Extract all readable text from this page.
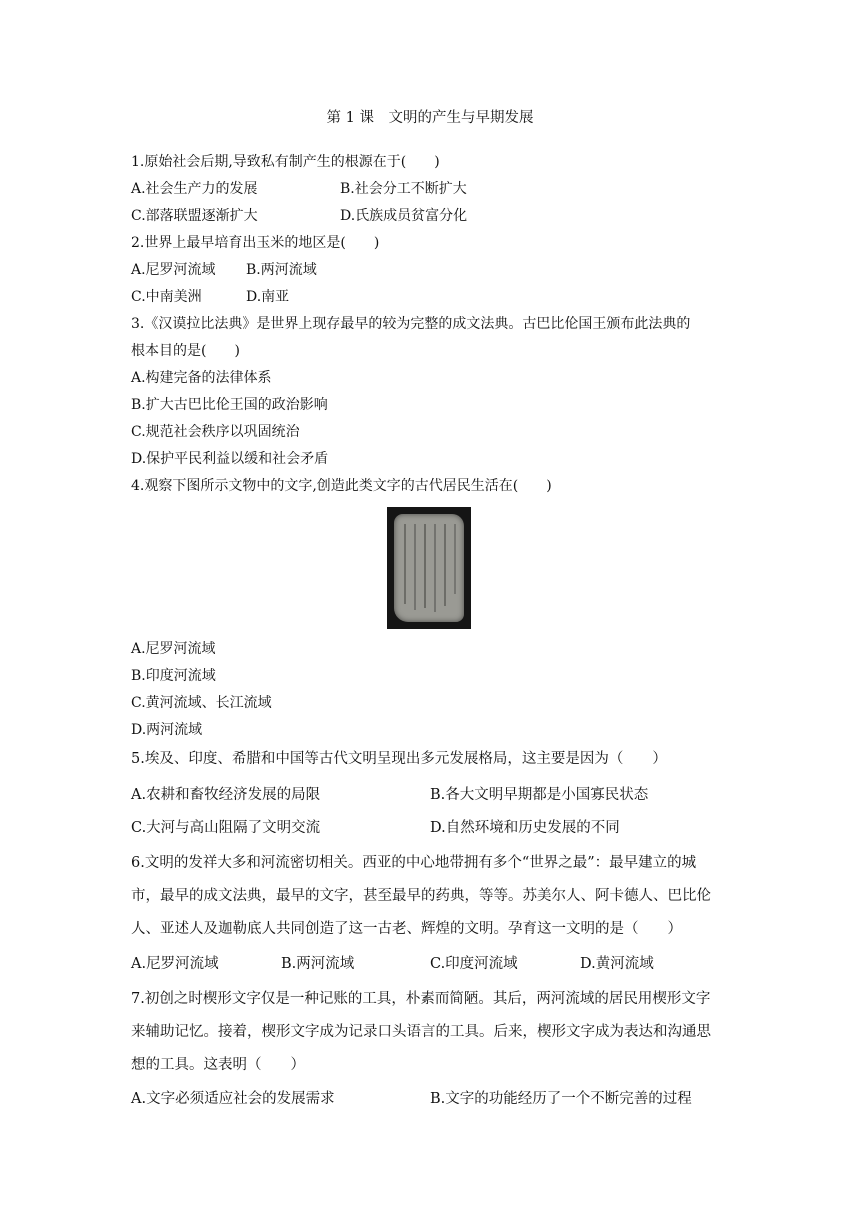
第 1 课　文明的产生与早期发展
1.原始社会后期,导致私有制产生的根源在于(　　)
A.社会生产力的发展	B.社会分工不断扩大
C.部落联盟逐渐扩大	D.氏族成员贫富分化
2.世界上最早培育出玉米的地区是(　　)
A.尼罗河流域 B.两河流域
C.中南美洲	D.南亚
3.《汉谟拉比法典》是世界上现存最早的较为完整的成文法典。古巴比伦国王颁布此法典的
根本目的是(　　)
A.构建完备的法律体系
B.扩大古巴比伦王国的政治影响
C.规范社会秩序以巩固统治
D.保护平民利益以缓和社会矛盾
4.观察下图所示文物中的文字,创造此类文字的古代居民生活在(　　)
A.尼罗河流域
B.印度河流域
C.黄河流域、长江流域
D.两河流域
5.埃及、印度、希腊和中国等古代文明呈现出多元发展格局，这主要是因为（　　）
A.农耕和畜牧经济发展的局限	B.各大文明早期都是小国寡民状态
C.大河与高山阻隔了文明交流	D.自然环境和历史发展的不同
6.文明的发祥大多和河流密切相关。西亚的中心地带拥有多个“世界之最”：最早建立的城
市，最早的成文法典，最早的文字，甚至最早的药典，等等。苏美尔人、阿卡德人、巴比伦
人、亚述人及迦勒底人共同创造了这一古老、辉煌的文明。孕育这一文明的是（　　）
A.尼罗河流域	B.两河流域	C.印度河流域	D.黄河流域
7.初创之时楔形文字仅是一种记账的工具，朴素而简陋。其后，两河流域的居民用楔形文字
来辅助记忆。接着，楔形文字成为记录口头语言的工具。后来，楔形文字成为表达和沟通思
想的工具。这表明（　　）
A.文字必须适应社会的发展需求	B.文字的功能经历了一个不断完善的过程
